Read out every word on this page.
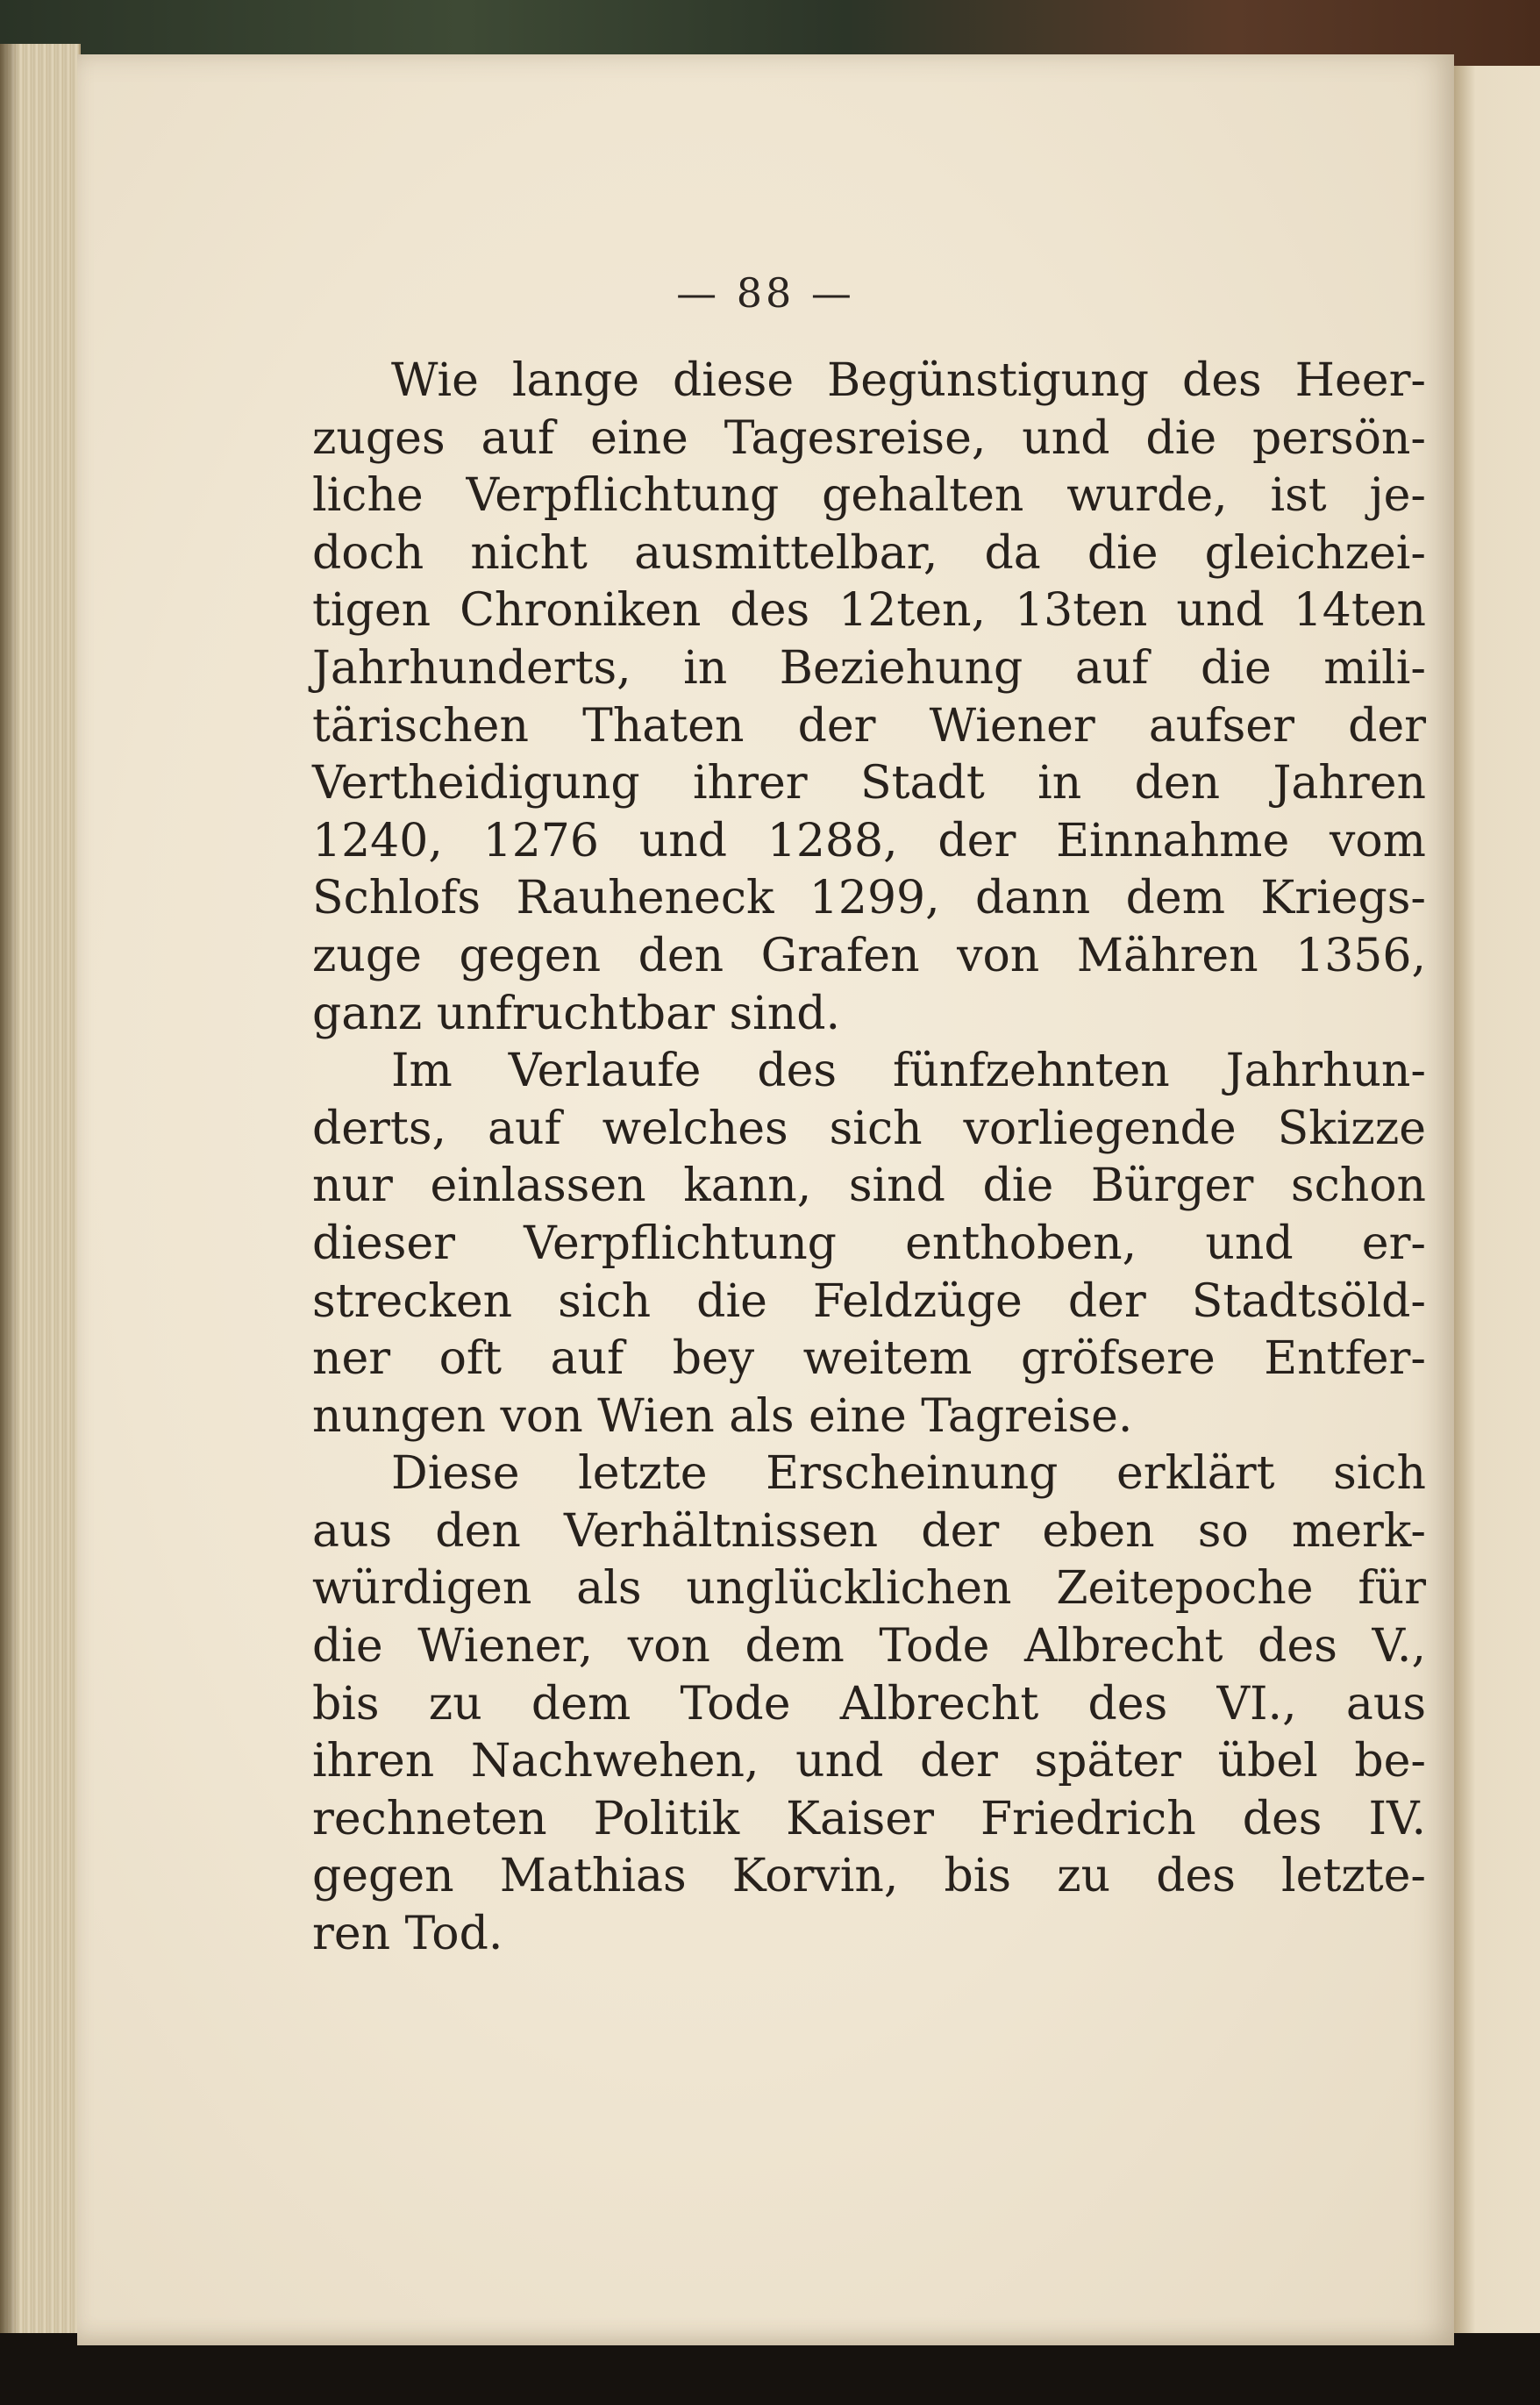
— 88 —
Wie lange diese Begünstigung des Heer-
zuges auf eine Tagesreise, und die persön-
liche Verpflichtung gehalten wurde, ist je-
doch nicht ausmittelbar, da die gleichzei-
tigen Chroniken des 12ten, 13ten und 14ten
Jahrhunderts, in Beziehung auf die mili-
tärischen Thaten der Wiener aufser der
Vertheidigung ihrer Stadt in den Jahren
1240, 1276 und 1288, der Einnahme vom
Schlofs Rauheneck 1299, dann dem Kriegs-
zuge gegen den Grafen von Mähren 1356,
ganz unfruchtbar sind.
Im Verlaufe des fünfzehnten Jahrhun-
derts, auf welches sich vorliegende Skizze
nur einlassen kann, sind die Bürger schon
dieser Verpflichtung enthoben, und er-
strecken sich die Feldzüge der Stadtsöld-
ner oft auf bey weitem gröfsere Entfer-
nungen von Wien als eine Tagreise.
Diese letzte Erscheinung erklärt sich
aus den Verhältnissen der eben so merk-
würdigen als unglücklichen Zeitepoche für
die Wiener, von dem Tode Albrecht des V.,
bis zu dem Tode Albrecht des VI., aus
ihren Nachwehen, und der später übel be-
rechneten Politik Kaiser Friedrich des IV.
gegen Mathias Korvin, bis zu des letzte-
ren Tod.
